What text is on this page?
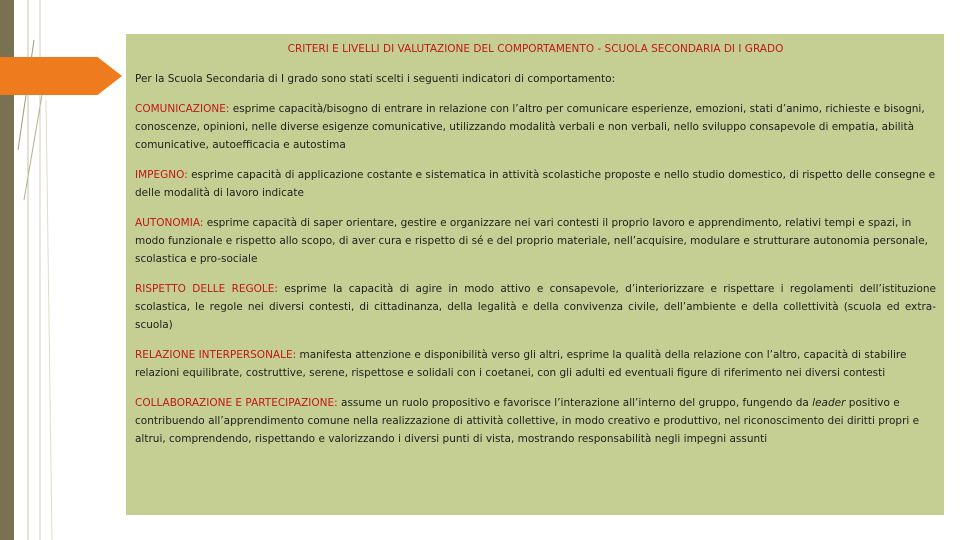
CRITERI E LIVELLI DI VALUTAZIONE DEL COMPORTAMENTO - SCUOLA SECONDARIA DI I GRADO

Per la Scuola Secondaria di I grado sono stati scelti i seguenti indicatori di comportamento:

COMUNICAZIONE: esprime capacità/bisogno di entrare in relazione con l’altro per comunicare esperienze, emozioni, stati d’animo, richieste e bisogni, conoscenze, opinioni, nelle diverse esigenze comunicative, utilizzando modalità verbali e non verbali, nello sviluppo consapevole di empatia, abilità comunicative, autoefficacia e autostima

IMPEGNO: esprime capacità di applicazione costante e sistematica in attività scolastiche proposte e nello studio domestico, di rispetto delle consegne e delle modalità di lavoro indicate

AUTONOMIA: esprime capacità di saper orientare, gestire e organizzare nei vari contesti il proprio lavoro e apprendimento, relativi tempi e spazi, in modo funzionale e rispetto allo scopo, di aver cura e rispetto di sé e del proprio materiale, nell’acquisire, modulare e strutturare autonomia personale, scolastica e pro-sociale

RISPETTO DELLE REGOLE: esprime la capacità di agire in modo attivo e consapevole, d’interiorizzare e rispettare i regolamenti dell’istituzione scolastica, le regole nei diversi contesti, di cittadinanza, della legalità e della convivenza civile, dell’ambiente e della collettività (scuola ed extra-scuola)

RELAZIONE INTERPERSONALE: manifesta attenzione e disponibilità verso gli altri, esprime la qualità della relazione con l’altro, capacità di stabilire relazioni equilibrate, costruttive, serene, rispettose e solidali con i coetanei, con gli adulti ed eventuali figure di riferimento nei diversi contesti

COLLABORAZIONE E PARTECIPAZIONE: assume un ruolo propositivo e favorisce l’interazione all’interno del gruppo, fungendo da leader positivo e contribuendo all’apprendimento comune nella realizzazione di attività collettive, in modo creativo e produttivo, nel riconoscimento dei diritti propri e altrui, comprendendo, rispettando e valorizzando i diversi punti di vista, mostrando responsabilità negli impegni assunti
